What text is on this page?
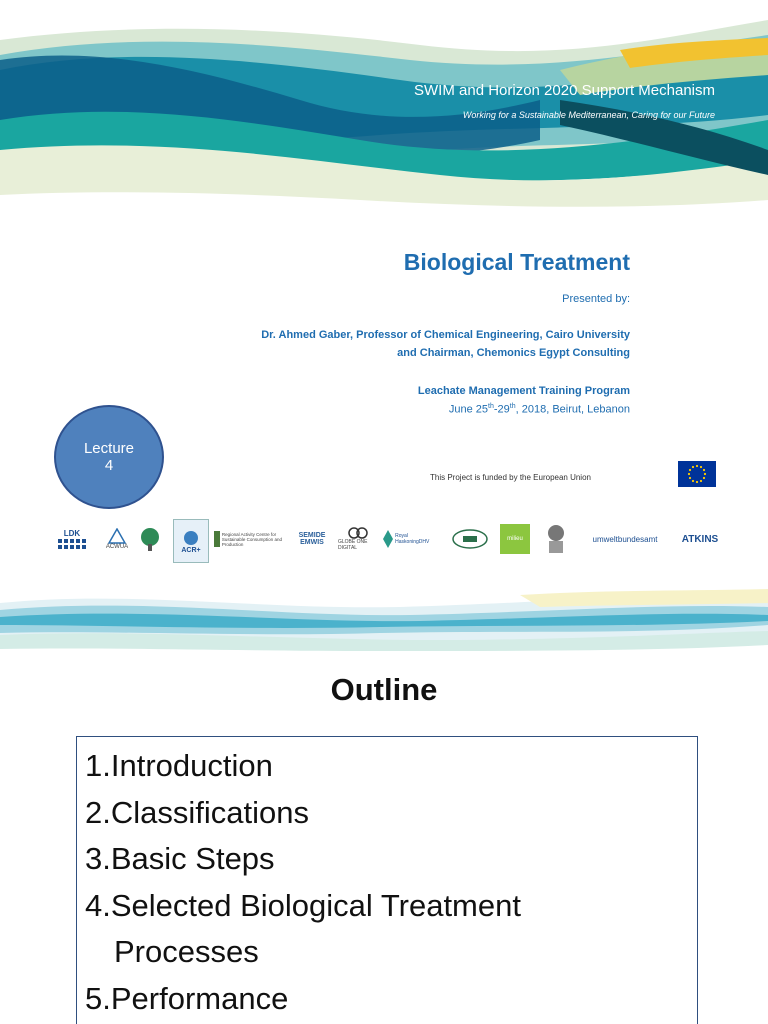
SWIM and Horizon 2020 Support Mechanism
Working for a Sustainable Mediterranean, Caring for our Future
Biological Treatment
Presented by:
Dr. Ahmed Gaber, Professor of Chemical Engineering, Cairo University
and Chairman, Chemonics Egypt Consulting
Leachate Management Training Program
June 25th-29th, 2018, Beirut, Lebanon
Lecture
4
This Project is funded by the European Union
LDK
ACWUA	ACR+
Regional Activity Centre for Sustainable Consumption and Production
SEMIDE EMWIS	GLOBE ONE DIGITAL
Royal HaskoningDHV	milieu	umweltbundesamt	ATKINS
Outline
1.Introduction
2.Classifications
3.Basic Steps
4.Selected Biological Treatment
Processes
5.Performance
